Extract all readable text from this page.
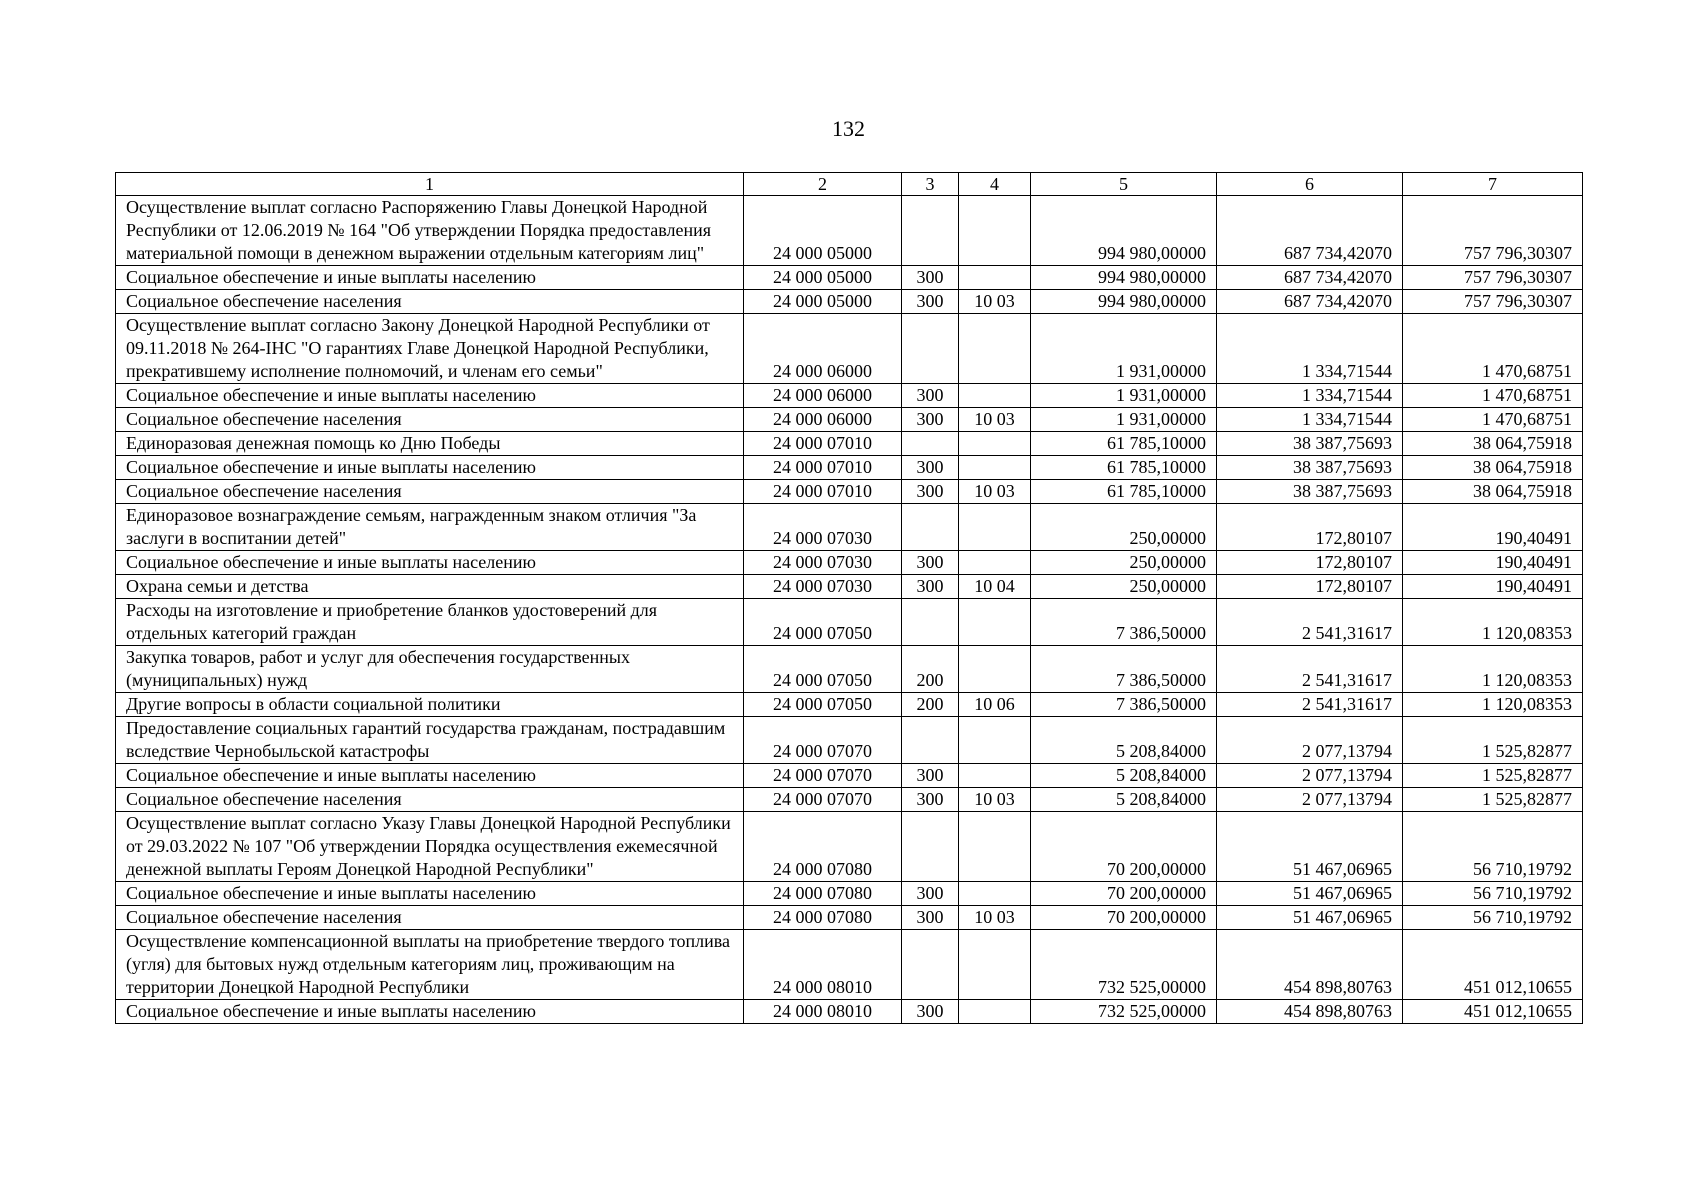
132
1	2	3	4	5	6	7
Осуществление выплат согласно Распоряжению Главы Донецкой Народной Республики от 12.06.2019 № 164 "Об утверждении Порядка предоставления материальной помощи в денежном выражении отдельным категориям лиц"	24 000 05000			994 980,00000	687 734,42070	757 796,30307
Социальное обеспечение и иные выплаты населению	24 000 05000	300		994 980,00000	687 734,42070	757 796,30307
Социальное обеспечение населения	24 000 05000	300	10 03	994 980,00000	687 734,42070	757 796,30307
Осуществление выплат согласно Закону Донецкой Народной Республики от 09.11.2018 № 264-IНС "О гарантиях Главе Донецкой Народной Республики, прекратившему исполнение полномочий, и членам его семьи"	24 000 06000			1 931,00000	1 334,71544	1 470,68751
Социальное обеспечение и иные выплаты населению	24 000 06000	300		1 931,00000	1 334,71544	1 470,68751
Социальное обеспечение населения	24 000 06000	300	10 03	1 931,00000	1 334,71544	1 470,68751
Единоразовая денежная помощь ко Дню Победы	24 000 07010			61 785,10000	38 387,75693	38 064,75918
Социальное обеспечение и иные выплаты населению	24 000 07010	300		61 785,10000	38 387,75693	38 064,75918
Социальное обеспечение населения	24 000 07010	300	10 03	61 785,10000	38 387,75693	38 064,75918
Единоразовое вознаграждение семьям, награжденным знаком отличия "За заслуги в воспитании детей"	24 000 07030			250,00000	172,80107	190,40491
Социальное обеспечение и иные выплаты населению	24 000 07030	300		250,00000	172,80107	190,40491
Охрана семьи и детства	24 000 07030	300	10 04	250,00000	172,80107	190,40491
Расходы на изготовление и приобретение бланков удостоверений для отдельных категорий граждан	24 000 07050			7 386,50000	2 541,31617	1 120,08353
Закупка товаров, работ и услуг для обеспечения государственных (муниципальных) нужд	24 000 07050	200		7 386,50000	2 541,31617	1 120,08353
Другие вопросы в области социальной политики	24 000 07050	200	10 06	7 386,50000	2 541,31617	1 120,08353
Предоставление социальных гарантий государства гражданам, пострадавшим вследствие Чернобыльской катастрофы	24 000 07070			5 208,84000	2 077,13794	1 525,82877
Социальное обеспечение и иные выплаты населению	24 000 07070	300		5 208,84000	2 077,13794	1 525,82877
Социальное обеспечение населения	24 000 07070	300	10 03	5 208,84000	2 077,13794	1 525,82877
Осуществление выплат согласно Указу Главы Донецкой Народной Республики от 29.03.2022 № 107 "Об утверждении Порядка осуществления ежемесячной денежной выплаты Героям Донецкой Народной Республики"	24 000 07080			70 200,00000	51 467,06965	56 710,19792
Социальное обеспечение и иные выплаты населению	24 000 07080	300		70 200,00000	51 467,06965	56 710,19792
Социальное обеспечение населения	24 000 07080	300	10 03	70 200,00000	51 467,06965	56 710,19792
Осуществление компенсационной выплаты на приобретение твердого топлива (угля) для бытовых нужд отдельным категориям лиц, проживающим на территории Донецкой Народной Республики	24 000 08010			732 525,00000	454 898,80763	451 012,10655
Социальное обеспечение и иные выплаты населению	24 000 08010	300		732 525,00000	454 898,80763	451 012,10655
